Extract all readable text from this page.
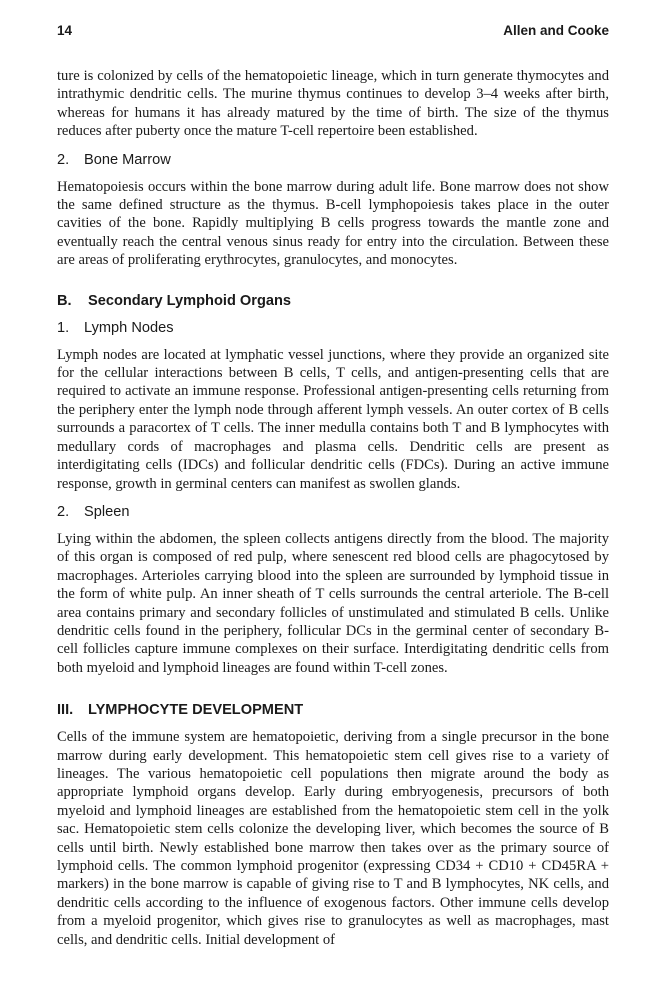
14	Allen and Cooke

ture is colonized by cells of the hematopoietic lineage, which in turn generate thymocytes and intrathymic dendritic cells. The murine thymus continues to develop 3–4 weeks after birth, whereas for humans it has already matured by the time of birth. The size of the thymus reduces after puberty once the mature T-cell repertoire been established.

2.	Bone Marrow

Hematopoiesis occurs within the bone marrow during adult life. Bone marrow does not show the same defined structure as the thymus. B-cell lymphopoiesis takes place in the outer cavities of the bone. Rapidly multiplying B cells progress towards the mantle zone and eventually reach the central venous sinus ready for entry into the circulation. Between these are areas of proliferating erythrocytes, granulocytes, and monocytes.

B.	Secondary Lymphoid Organs
1.	Lymph Nodes

Lymph nodes are located at lymphatic vessel junctions, where they provide an organized site for the cellular interactions between B cells, T cells, and antigen-presenting cells that are required to activate an immune response. Professional antigen-presenting cells returning from the periphery enter the lymph node through afferent lymph vessels. An outer cortex of B cells surrounds a paracortex of T cells. The inner medulla contains both T and B lymphocytes with medullary cords of macrophages and plasma cells. Dendritic cells are present as interdigitating cells (IDCs) and follicular dendritic cells (FDCs). During an active immune response, growth in germinal centers can manifest as swollen glands.

2.	Spleen

Lying within the abdomen, the spleen collects antigens directly from the blood. The majority of this organ is composed of red pulp, where senescent red blood cells are phagocytosed by macrophages. Arterioles carrying blood into the spleen are surrounded by lymphoid tissue in the form of white pulp. An inner sheath of T cells surrounds the central arteriole. The B-cell area contains primary and secondary follicles of unstimulated and stimulated B cells. Unlike dendritic cells found in the periphery, follicular DCs in the germinal center of secondary B-cell follicles capture immune complexes on their surface. Interdigitating dendritic cells from both myeloid and lymphoid lineages are found within T-cell zones.

III.	LYMPHOCYTE DEVELOPMENT

Cells of the immune system are hematopoietic, deriving from a single precursor in the bone marrow during early development. This hematopoietic stem cell gives rise to a variety of lineages. The various hematopoietic cell populations then migrate around the body as appropriate lymphoid organs develop. Early during embryogenesis, precursors of both myeloid and lymphoid lineages are established from the hematopoietic stem cell in the yolk sac. Hematopoietic stem cells colonize the developing liver, which becomes the source of B cells until birth. Newly established bone marrow then takes over as the primary source of lymphoid cells. The common lymphoid progenitor (expressing CD34 + CD10 + CD45RA + markers) in the bone marrow is capable of giving rise to T and B lymphocytes, NK cells, and dendritic cells according to the influence of exogenous factors. Other immune cells develop from a myeloid progenitor, which gives rise to granulocytes as well as macrophages, mast cells, and dendritic cells. Initial development of
